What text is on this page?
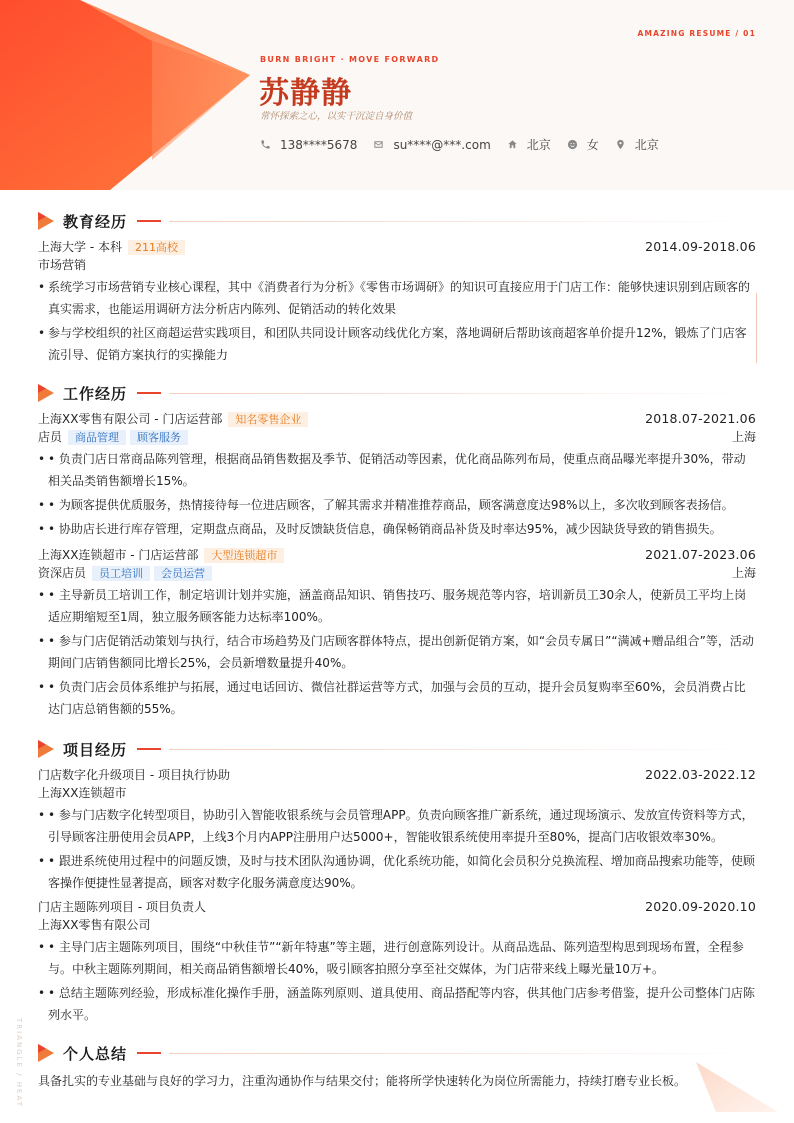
AMAZING RESUME / 01
BURN BRIGHT · MOVE FORWARD
苏静静
常怀探索之心，以实干沉淀自身价值
138****5678	su****@***.com	北京	女	北京
教育经历
上海大学 - 本科	211高校	2014.09-2018.06
市场营销
• 系统学习市场营销专业核心课程，其中《消费者行为分析》《零售市场调研》的知识可直接应用于门店工作：能够快速识别到店顾客的真实需求，也能运用调研方法分析店内陈列、促销活动的转化效果
• 参与学校组织的社区商超运营实践项目，和团队共同设计顾客动线优化方案，落地调研后帮助该商超客单价提升12%，锻炼了门店客流引导、促销方案执行的实操能力
工作经历
上海XX零售有限公司 - 门店运营部	知名零售企业	2018.07-2021.06
店员	商品管理	顾客服务	上海
• • 负责门店日常商品陈列管理，根据商品销售数据及季节、促销活动等因素，优化商品陈列布局，使重点商品曝光率提升30%，带动相关品类销售额增长15%。
• • 为顾客提供优质服务，热情接待每一位进店顾客，了解其需求并精准推荐商品，顾客满意度达98%以上，多次收到顾客表扬信。
• • 协助店长进行库存管理，定期盘点商品，及时反馈缺货信息，确保畅销商品补货及时率达95%，减少因缺货导致的销售损失。
上海XX连锁超市 - 门店运营部	大型连锁超市	2021.07-2023.06
资深店员	员工培训	会员运营	上海
• • 主导新员工培训工作，制定培训计划并实施，涵盖商品知识、销售技巧、服务规范等内容，培训新员工30余人，使新员工平均上岗适应期缩短至1周，独立服务顾客能力达标率100%。
• • 参与门店促销活动策划与执行，结合市场趋势及门店顾客群体特点，提出创新促销方案，如“会员专属日”“满减+赠品组合”等，活动期间门店销售额同比增长25%，会员新增数量提升40%。
• • 负责门店会员体系维护与拓展，通过电话回访、微信社群运营等方式，加强与会员的互动，提升会员复购率至60%，会员消费占比达门店总销售额的55%。
项目经历
门店数字化升级项目 - 项目执行协助	2022.03-2022.12
上海XX连锁超市
• • 参与门店数字化转型项目，协助引入智能收银系统与会员管理APP。负责向顾客推广新系统，通过现场演示、发放宣传资料等方式，引导顾客注册使用会员APP，上线3个月内APP注册用户达5000+，智能收银系统使用率提升至80%，提高门店收银效率30%。
• • 跟进系统使用过程中的问题反馈，及时与技术团队沟通协调，优化系统功能，如简化会员积分兑换流程、增加商品搜索功能等，使顾客操作便捷性显著提高，顾客对数字化服务满意度达90%。
门店主题陈列项目 - 项目负责人	2020.09-2020.10
上海XX零售有限公司
• • 主导门店主题陈列项目，围绕“中秋佳节”“新年特惠”等主题，进行创意陈列设计。从商品选品、陈列造型构思到现场布置，全程参与。中秋主题陈列期间，相关商品销售额增长40%，吸引顾客拍照分享至社交媒体，为门店带来线上曝光量10万+。
• • 总结主题陈列经验，形成标准化操作手册，涵盖陈列原则、道具使用、商品搭配等内容，供其他门店参考借鉴，提升公司整体门店陈列水平。
个人总结
具备扎实的专业基础与良好的学习力，注重沟通协作与结果交付；能将所学快速转化为岗位所需能力，持续打磨专业长板。
TRIANGLE / HEAT
